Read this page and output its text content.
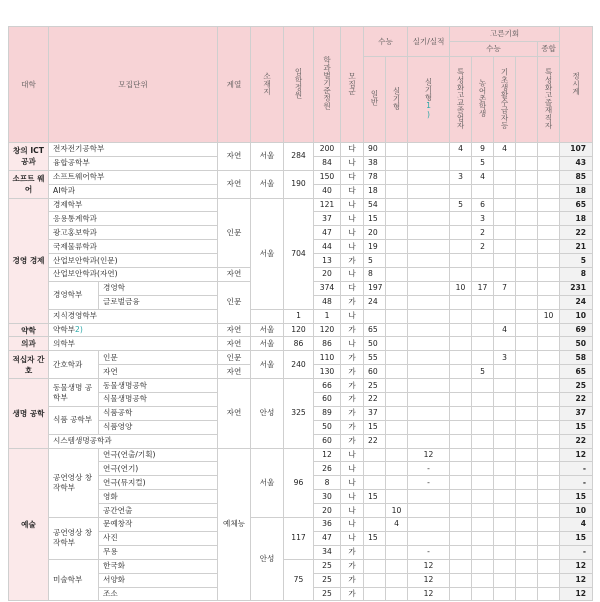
대학	모집단위		계열	소재지	입학정원	학과별기준정원	모집군	수능		실기/실적	고른기회					정시계
											수능				종합	
								일반	실기형	실기형1)	특성화고교졸업자	농어촌학생	기초생활수급자등		특성화고졸재직자	
창의 ICT 공과	전자전기공학부		자연	서울	284	200	다	90			4	9	4			107
	융합공학부					84	나	38				5				43
소프트 웨어	소프트웨어학부		자연	서울	190	150	다	78			3	4				85
	AI학과					40	다	18								18
경영 경제	경제학부		인문	서울	704	121	나	54			5	6				65
	응용통계학과					37	나	15				3				18
	광고홍보학과					47	나	20				2				22
	국제물류학과					44	나	19				2				21
	산업보안학과(인문)					13	가	5								5
	산업보안학과(자연)		자연			20	나	8								8
	경영학부	경영학	인문			374	다	197			10	17	7			231
		글로벌금융				48	가	24								24
	지식경영학부				1	1	나								10	10
약학	약학부2)		자연	서울	120	120	가	65					4			69
의과	의학부		자연	서울	86	86	나	50								50
적십자 간호	간호학과	인문	인문	서울	240	110	가	55					3			58
		자연	자연			130	가	60				5				65
생명 공학	동물생명 공학부	동물생명공학	자연	안성	325	66	가	25								25
		식물생명공학				60	가	22								22
	식품 공학부	식품공학				89	가	37								37
		식품영양				50	가	15								15
	시스템생명공학과					60	가	22								22
예술	공연영상 창작학부	연극(연출/기획)	예체능	서울	96	12	나			12						12
		연극(연기)				26	나			-						-
		연극(뮤지컬)				8	나			-						-
		영화				30	나	15								15
		공간연출				20	나		10							10
	공연영상 창작학부	문예창작		안성	117	36	나		4							4
		사진				47	나	15								15
		무용				34	가			-						-
	미술학부	한국화			75	25	가			12						12
		서양화				25	가			12						12
		조소				25	가			12						12
